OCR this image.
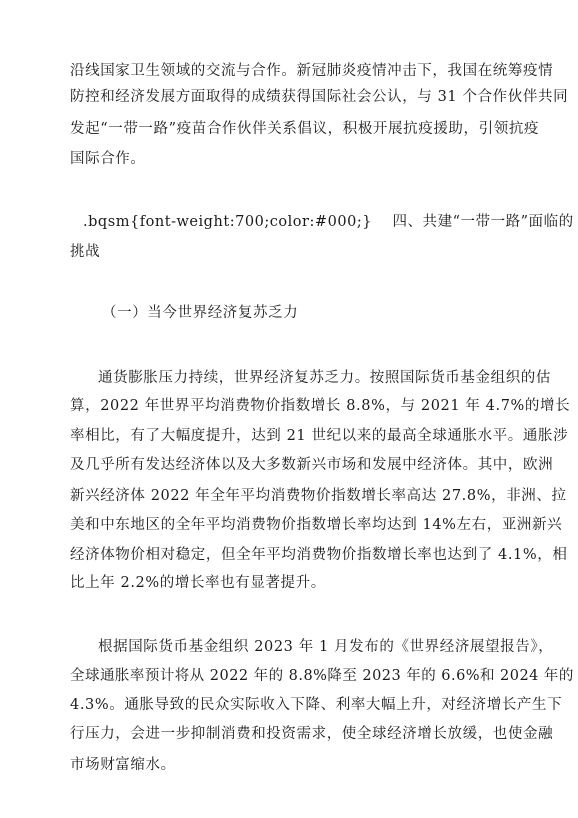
沿线国家卫生领域的交流与合作。新冠肺炎疫情冲击下，我国在统筹疫情
防控和经济发展方面取得的成绩获得国际社会公认，与 31 个合作伙伴共同
发起“一带一路”疫苗合作伙伴关系倡议，积极开展抗疫援助，引领抗疫
国际合作。
.bqsm{font-weight:700;color:#000;}    四、共建“一带一路”面临的
挑战
（一）当今世界经济复苏乏力
通货膨胀压力持续，世界经济复苏乏力。按照国际货币基金组织的估
算，2022 年世界平均消费物价指数增长 8.8%，与 2021 年 4.7%的增长
率相比，有了大幅度提升，达到 21 世纪以来的最高全球通胀水平。通胀涉
及几乎所有发达经济体以及大多数新兴市场和发展中经济体。其中，欧洲
新兴经济体 2022 年全年平均消费物价指数增长率高达 27.8%，非洲、拉
美和中东地区的全年平均消费物价指数增长率均达到 14%左右，亚洲新兴
经济体物价相对稳定，但全年平均消费物价指数增长率也达到了 4.1%，相
比上年 2.2%的增长率也有显著提升。
根据国际货币基金组织 2023 年 1 月发布的《世界经济展望报告》，
全球通胀率预计将从 2022 年的 8.8%降至 2023 年的 6.6%和 2024 年的
4.3%。通胀导致的民众实际收入下降、利率大幅上升，对经济增长产生下
行压力，会进一步抑制消费和投资需求，使全球经济增长放缓，也使金融
市场财富缩水。
